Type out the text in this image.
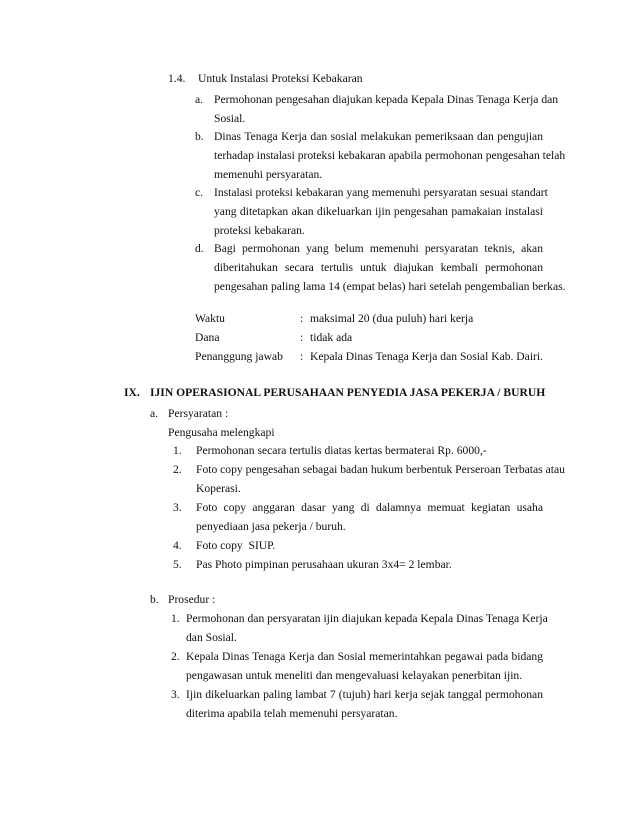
1.4. Untuk Instalasi Proteksi Kebakaran
a. Permohonan pengesahan diajukan kepada Kepala Dinas Tenaga Kerja dan
Sosial.
b. Dinas Tenaga Kerja dan sosial melakukan pemeriksaan dan pengujian
terhadap instalasi proteksi kebakaran apabila permohonan pengesahan telah
memenuhi persyaratan.
c. Instalasi proteksi kebakaran yang memenuhi persyaratan sesuai standart
yang ditetapkan akan dikeluarkan ijin pengesahan pamakaian instalasi
proteksi kebakaran.
d. Bagi permohonan yang belum memenuhi persyaratan teknis, akan
diberitahukan secara tertulis untuk diajukan kembali permohonan
pengesahan paling lama 14 (empat belas) hari setelah pengembalian berkas.
Waktu	: maksimal 20 (dua puluh) hari kerja
Dana	: tidak ada
Penanggung jawab : Kepala Dinas Tenaga Kerja dan Sosial Kab. Dairi.
IX. IJIN OPERASIONAL PERUSAHAAN PENYEDIA JASA PEKERJA / BURUH
a. Persyaratan :
Pengusaha melengkapi
1. Permohonan secara tertulis diatas kertas bermaterai Rp. 6000,-
2. Foto copy pengesahan sebagai badan hukum berbentuk Perseroan Terbatas atau
Koperasi.
3. Foto copy anggaran dasar yang di dalamnya memuat kegiatan usaha
penyediaan jasa pekerja / buruh.
4. Foto copy  SIUP.
5. Pas Photo pimpinan perusahaan ukuran 3x4= 2 lembar.
b. Prosedur :
1. Permohonan dan persyaratan ijin diajukan kepada Kepala Dinas Tenaga Kerja
dan Sosial.
2. Kepala Dinas Tenaga Kerja dan Sosial memerintahkan pegawai pada bidang
pengawasan untuk meneliti dan mengevaluasi kelayakan penerbitan ijin.
3. Ijin dikeluarkan paling lambat 7 (tujuh) hari kerja sejak tanggal permohonan
diterima apabila telah memenuhi persyaratan.
